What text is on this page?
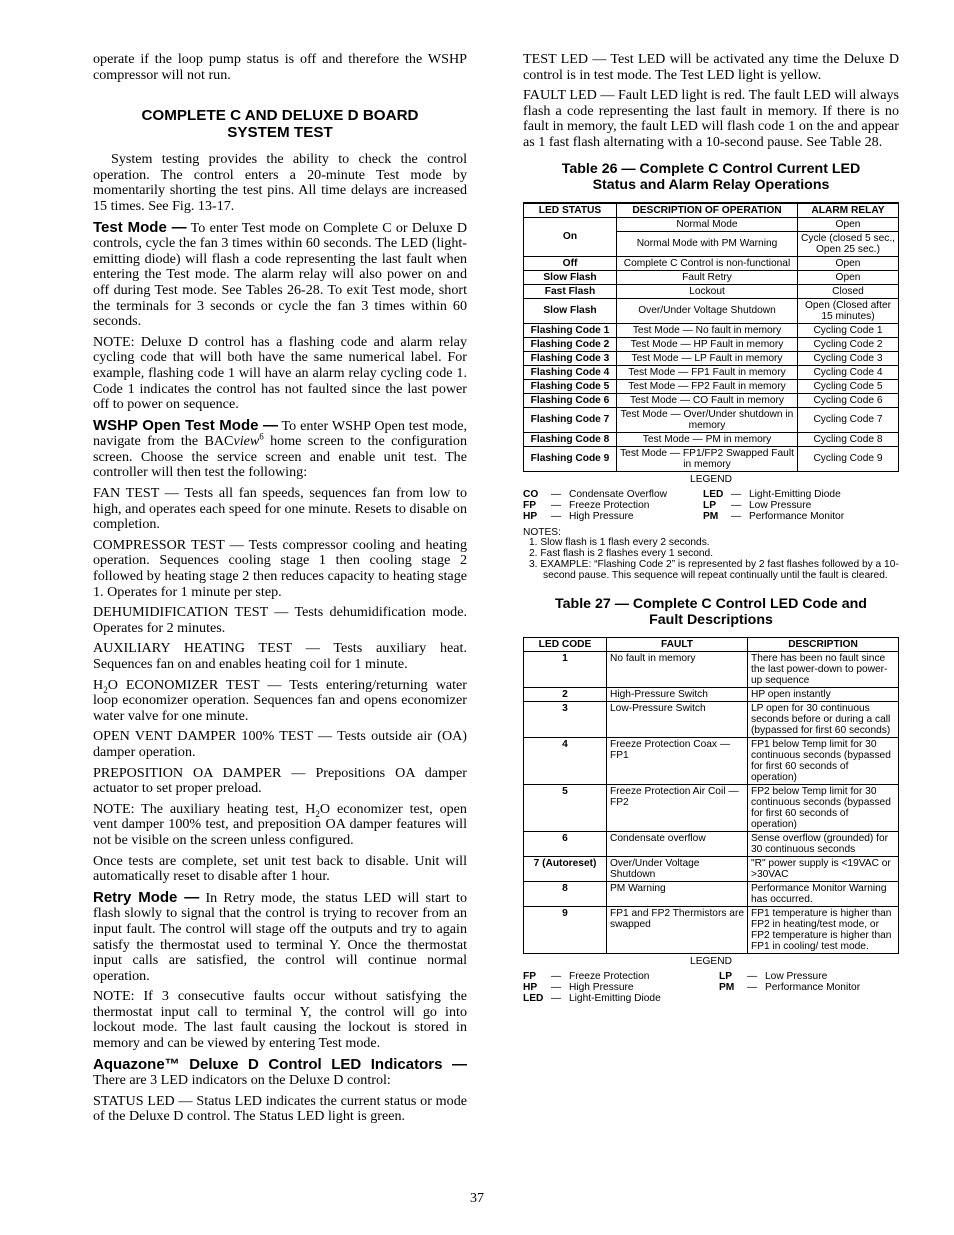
operate if the loop pump status is off and therefore the WSHP compressor will not run.

COMPLETE C AND DELUXE D BOARD
SYSTEM TEST

System testing provides the ability to check the control operation. The control enters a 20-minute Test mode by momentarily shorting the test pins. All time delays are increased 15 times. See Fig. 13-17.

Test Mode — To enter Test mode on Complete C or Deluxe D controls, cycle the fan 3 times within 60 seconds. The LED (light-emitting diode) will flash a code representing the last fault when entering the Test mode. The alarm relay will also power on and off during Test mode. See Tables 26-28. To exit Test mode, short the terminals for 3 seconds or cycle the fan 3 times within 60 seconds.

NOTE: Deluxe D control has a flashing code and alarm relay cycling code that will both have the same numerical label. For example, flashing code 1 will have an alarm relay cycling code 1. Code 1 indicates the control has not faulted since the last power off to power on sequence.

WSHP Open Test Mode — To enter WSHP Open test mode, navigate from the BACview$^6$ home screen to the configuration screen. Choose the service screen and enable unit test. The controller will then test the following:

FAN TEST — Tests all fan speeds, sequences fan from low to high, and operates each speed for one minute. Resets to disable on completion.

COMPRESSOR TEST — Tests compressor cooling and heating operation. Sequences cooling stage 1 then cooling stage 2 followed by heating stage 2 then reduces capacity to heating stage 1. Operates for 1 minute per step.

DEHUMIDIFICATION TEST — Tests dehumidification mode. Operates for 2 minutes.

AUXILIARY HEATING TEST — Tests auxiliary heat. Sequences fan on and enables heating coil for 1 minute.

$H_2O$ ECONOMIZER TEST — Tests entering/returning water loop economizer operation. Sequences fan and opens economizer water valve for one minute.

OPEN VENT DAMPER 100% TEST — Tests outside air (OA) damper operation.

PREPOSITION OA DAMPER — Prepositions OA damper actuator to set proper preload.

NOTE: The auxiliary heating test, $H_2O$ economizer test, open vent damper 100% test, and preposition OA damper features will not be visible on the screen unless configured.

Once tests are complete, set unit test back to disable. Unit will automatically reset to disable after 1 hour.

Retry Mode — In Retry mode, the status LED will start to flash slowly to signal that the control is trying to recover from an input fault. The control will stage off the outputs and try to again satisfy the thermostat used to terminal Y. Once the thermostat input calls are satisfied, the control will continue normal operation.

NOTE: If 3 consecutive faults occur without satisfying the thermostat input call to terminal Y, the control will go into lockout mode. The last fault causing the lockout is stored in memory and can be viewed by entering Test mode.

Aquazone™ Deluxe D Control LED Indicators — There are 3 LED indicators on the Deluxe D control:

STATUS LED — Status LED indicates the current status or mode of the Deluxe D control. The Status LED light is green.

TEST LED — Test LED will be activated any time the Deluxe D control is in test mode. The Test LED light is yellow.

FAULT LED — Fault LED light is red. The fault LED will always flash a code representing the last fault in memory. If there is no fault in memory, the fault LED will flash code 1 on the and appear as 1 fast flash alternating with a 10-second pause. See Table 28.

Table 26 — Complete C Control Current LED
Status and Alarm Relay Operations
LED STATUS	DESCRIPTION OF OPERATION	ALARM RELAY
On	Normal Mode	Open
	Normal Mode with PM Warning	Cycle (closed 5 sec., Open 25 sec.)
Off	Complete C Control is non-functional	Open
Slow Flash	Fault Retry	Open
Fast Flash	Lockout	Closed
Slow Flash	Over/Under Voltage Shutdown	Open (Closed after 15 minutes)
Flashing Code 1	Test Mode — No fault in memory	Cycling Code 1
Flashing Code 2	Test Mode — HP Fault in memory	Cycling Code 2
Flashing Code 3	Test Mode — LP Fault in memory	Cycling Code 3
Flashing Code 4	Test Mode — FP1 Fault in memory	Cycling Code 4
Flashing Code 5	Test Mode — FP2 Fault in memory	Cycling Code 5
Flashing Code 6	Test Mode — CO Fault in memory	Cycling Code 6
Flashing Code 7	Test Mode — Over/Under shutdown in memory	Cycling Code 7
Flashing Code 8	Test Mode — PM in memory	Cycling Code 8
Flashing Code 9	Test Mode — FP1/FP2 Swapped Fault in memory	Cycling Code 9
LEGEND
CO	— Condensate Overflow
FP	— Freeze Protection
HP	— High Pressure
LED — Light-Emitting Diode
LP	— Low Pressure
PM	— Performance Monitor
NOTES:
1. Slow flash is 1 flash every 2 seconds.
2. Fast flash is 2 flashes every 1 second.
3. EXAMPLE: “Flashing Code 2” is represented by 2 fast flashes followed by a 10-second pause. This sequence will repeat continually until the fault is cleared.
Table 27 — Complete C Control LED Code and
Fault Descriptions
LED CODE	FAULT	DESCRIPTION
1	No fault in memory	There has been no fault since the last power-down to power-up sequence
2	High-Pressure Switch	HP open instantly
3	Low-Pressure Switch	LP open for 30 continuous seconds before or during a call (bypassed for first 60 seconds)
4	Freeze Protection Coax — FP1	FP1 below Temp limit for 30 continuous seconds (bypassed for first 60 seconds of operation)
5	Freeze Protection Air Coil — FP2	FP2 below Temp limit for 30 continuous seconds (bypassed for first 60 seconds of operation)
6	Condensate overflow	Sense overflow (grounded) for 30 continuous seconds
7 (Autoreset)	Over/Under Voltage Shutdown	"R" power supply is <19VAC or >30VAC
8	PM Warning	Performance Monitor Warning has occurred.
9	FP1 and FP2 Thermistors are swapped	FP1 temperature is higher than FP2 in heating/test mode, or FP2 temperature is higher than FP1 in cooling/ test mode.
LEGEND
FP	— Freeze Protection
HP	— High Pressure
LED — Light-Emitting Diode
LP	— Low Pressure
PM	— Performance Monitor
37
